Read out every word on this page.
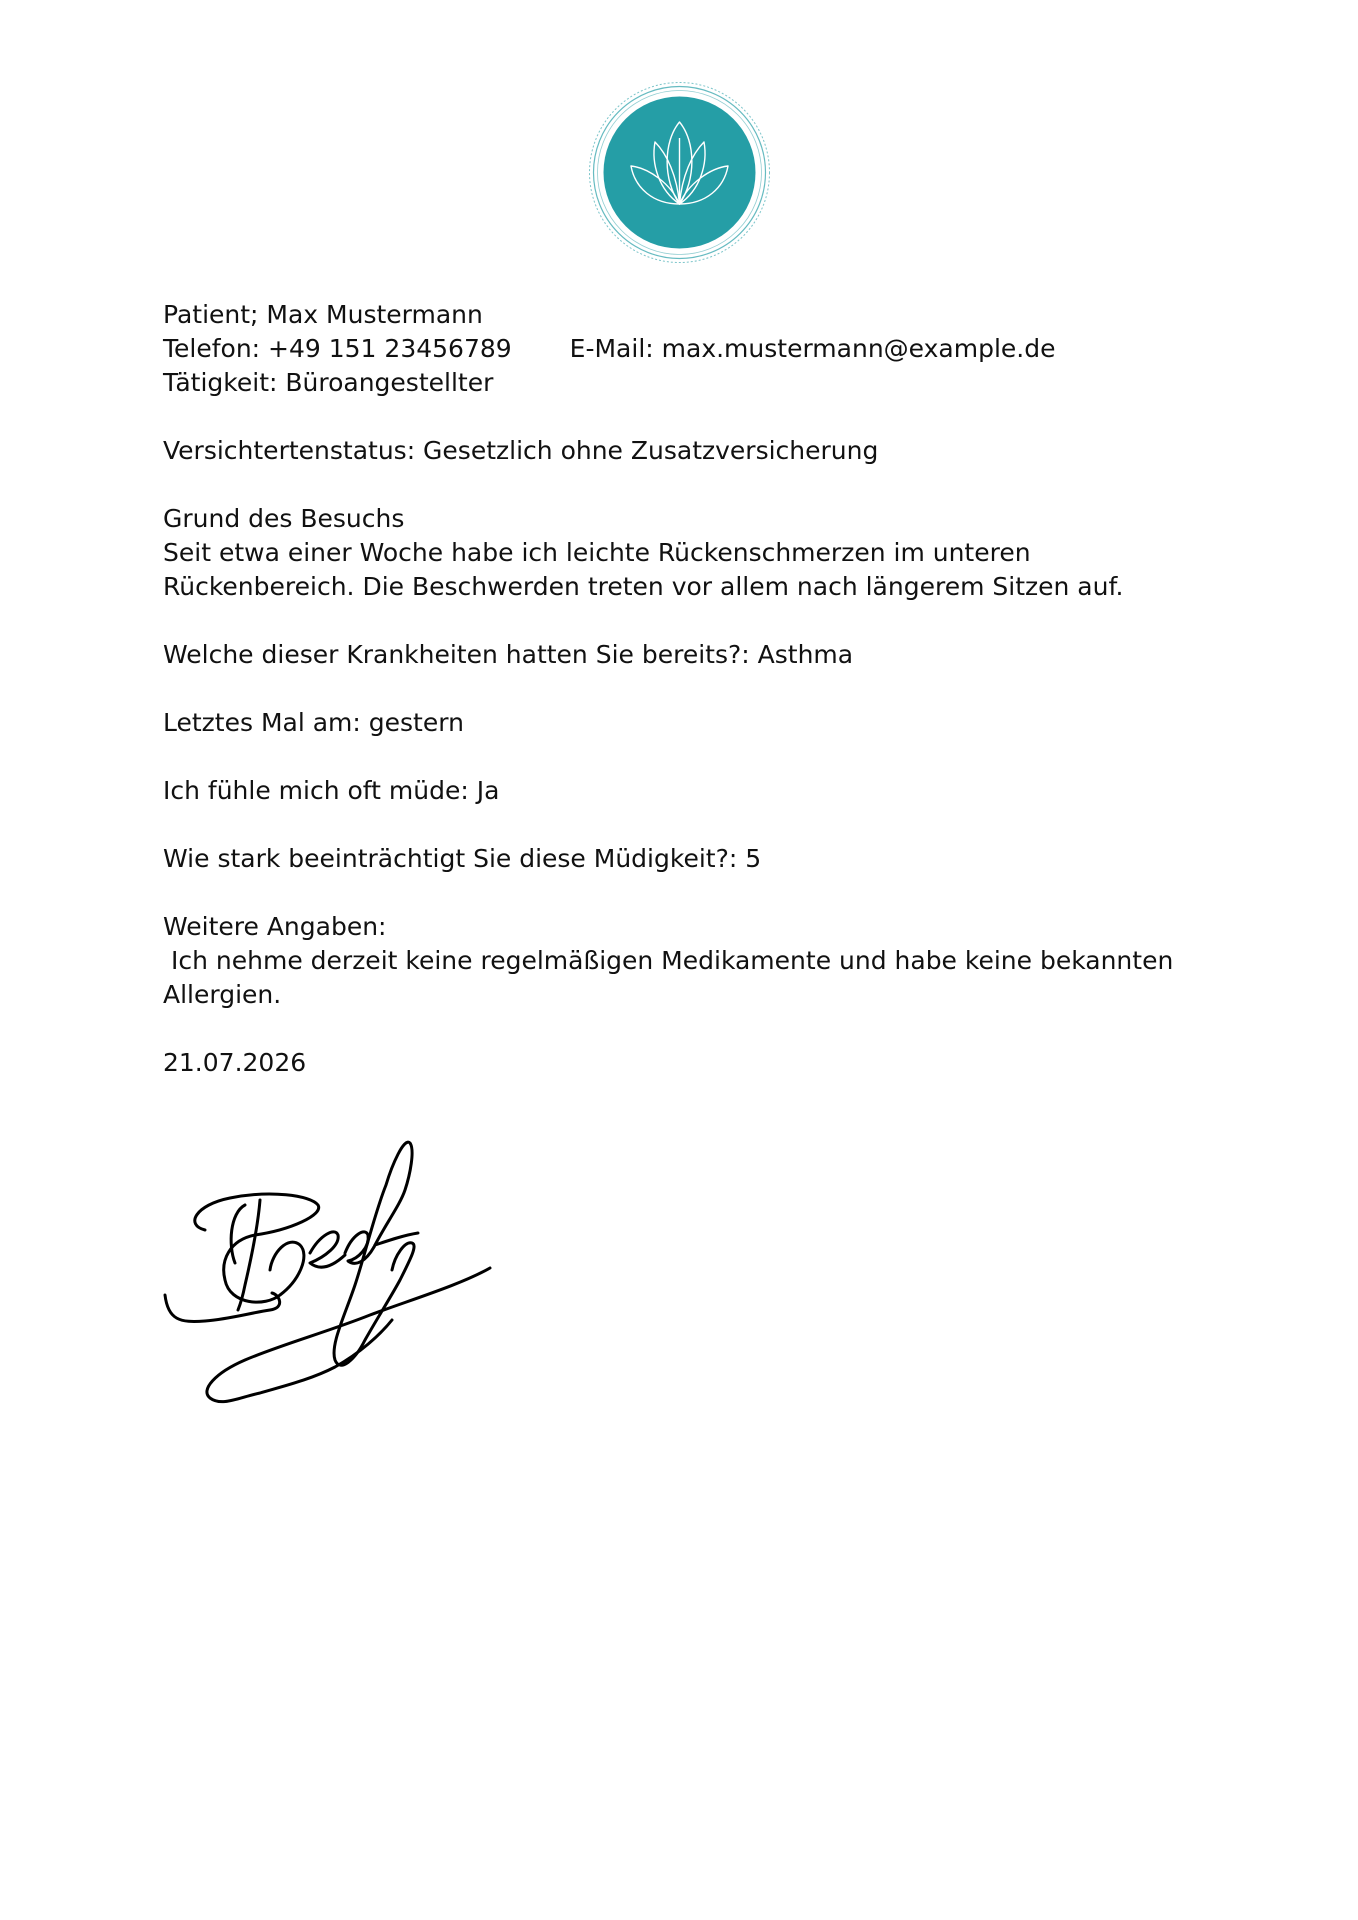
Patient; Max Mustermann

Telefon: +49 151 23456789 E-Mail: max.mustermann@example.de

Tätigkeit: Büroangestellter

Versichtertenstatus: Gesetzlich ohne Zusatzversicherung

Grund des Besuchs

Seit etwa einer Woche habe ich leichte Rückenschmerzen im unteren

Rückenbereich. Die Beschwerden treten vor allem nach längerem Sitzen auf.

Welche dieser Krankheiten hatten Sie bereits?: Asthma

Letztes Mal am: gestern

Ich fühle mich oft müde: Ja

Wie stark beeinträchtigt Sie diese Müdigkeit?: 5

Weitere Angaben:

Ich nehme derzeit keine regelmäßigen Medikamente und habe keine bekannten

Allergien.

21.07.2026
